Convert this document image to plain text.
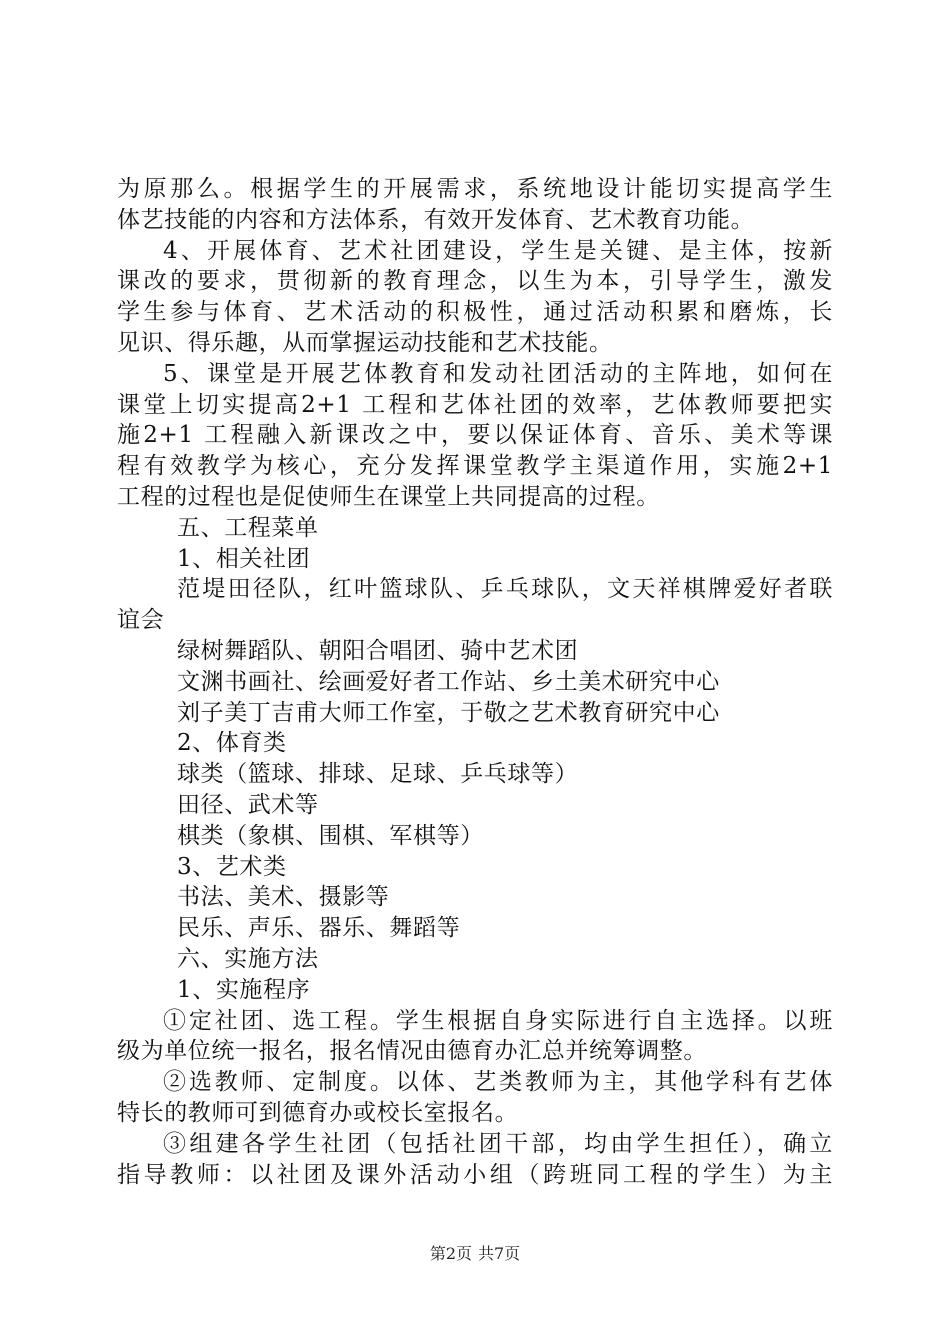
为原那么。根据学生的开展需求，系统地设计能切实提高学生
体艺技能的内容和方法体系，有效开发体育、艺术教育功能。
4、开展体育、艺术社团建设，学生是关键、是主体，按新
课改的要求，贯彻新的教育理念，以生为本，引导学生，激发
学生参与体育、艺术活动的积极性，通过活动积累和磨炼，长
见识、得乐趣，从而掌握运动技能和艺术技能。
5、课堂是开展艺体教育和发动社团活动的主阵地，如何在
课堂上切实提高2+1 工程和艺体社团的效率，艺体教师要把实
施2+1 工程融入新课改之中，要以保证体育、音乐、美术等课
程有效教学为核心，充分发挥课堂教学主渠道作用，实施2+1
工程的过程也是促使师生在课堂上共同提高的过程。
五、工程菜单
1、相关社团
范堤田径队，红叶篮球队、乒乓球队，文天祥棋牌爱好者联
谊会
绿树舞蹈队、朝阳合唱团、骑中艺术团
文渊书画社、绘画爱好者工作站、乡土美术研究中心
刘子美丁吉甫大师工作室，于敬之艺术教育研究中心
2、体育类
球类（篮球、排球、足球、乒乓球等）
田径、武术等
棋类（象棋、围棋、军棋等）
3、艺术类
书法、美术、摄影等
民乐、声乐、器乐、舞蹈等
六、实施方法
1、实施程序
①定社团、选工程。学生根据自身实际进行自主选择。以班
级为单位统一报名，报名情况由德育办汇总并统筹调整。
②选教师、定制度。以体、艺类教师为主，其他学科有艺体
特长的教师可到德育办或校长室报名。
③组建各学生社团（包括社团干部，均由学生担任），确立
指导教师：以社团及课外活动小组（跨班同工程的学生）为主
第2页 共7页
